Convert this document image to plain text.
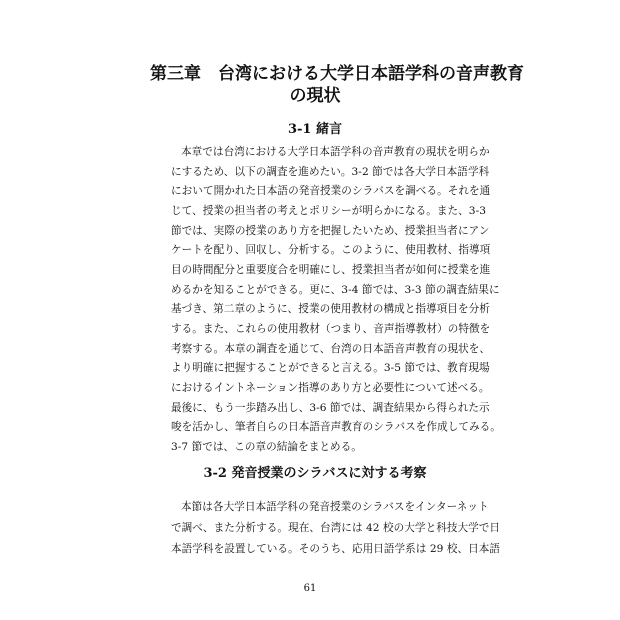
第三章　台湾における大学日本語学科の音声教育
の現状
3-1 緒言

本章では台湾における大学日本語学科の音声教育の現状を明らか

にするため、以下の調査を進めたい。3-2 節では各大学日本語学科

において開かれた日本語の発音授業のシラバスを調べる。それを通

じて、授業の担当者の考えとポリシーが明らかになる。また、3-3

節では、実際の授業のあり方を把握したいため、授業担当者にアン

ケートを配り、回収し、分析する。このように、使用教材、指導項

目の時間配分と重要度合を明確にし、授業担当者が如何に授業を進

めるかを知ることができる。更に、3-4 節では、3-3 節の調査結果に

基づき、第二章のように、授業の使用教材の構成と指導項目を分析

する。また、これらの使用教材（つまり、音声指導教材）の特徴を

考察する。本章の調査を通じて、台湾の日本語音声教育の現状を、

より明確に把握することができると言える。3-5 節では、教育現場

におけるイントネーション指導のあり方と必要性について述べる。

最後に、もう一歩踏み出し、3-6 節では、調査結果から得られた示

唆を活かし、筆者自らの日本語音声教育のシラバスを作成してみる。

3-7 節では、この章の結論をまとめる。

3-2 発音授業のシラバスに対する考察

本節は各大学日本語学科の発音授業のシラバスをインターネット

で調べ、また分析する。現在、台湾には 42 校の大学と科技大学で日

本語学科を設置している。そのうち、応用日語学系は 29 校、日本語

61
